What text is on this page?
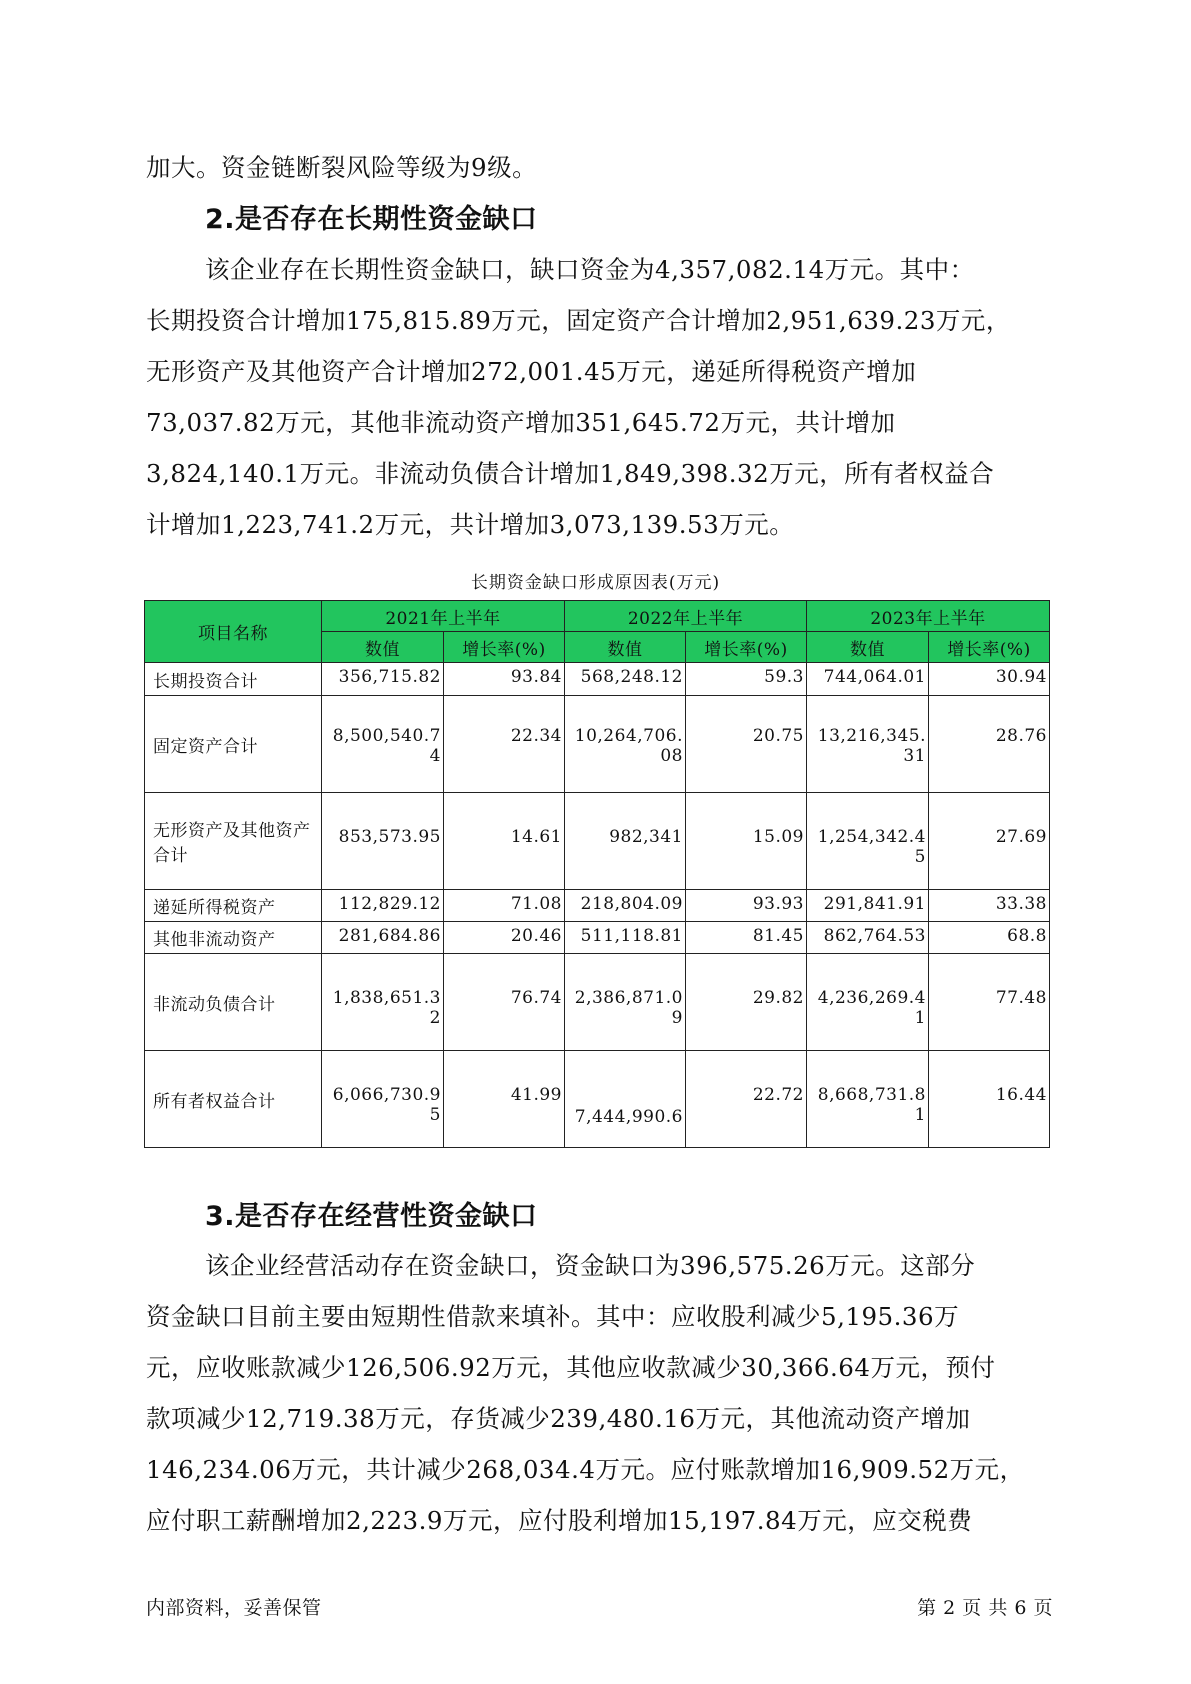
加大。资金链断裂风险等级为9级。

2.是否存在长期性资金缺口

该企业存在长期性资金缺口，缺口资金为4,357,082.14万元。其中：
长期投资合计增加175,815.89万元，固定资产合计增加2,951,639.23万元，
无形资产及其他资产合计增加272,001.45万元，递延所得税资产增加
73,037.82万元，其他非流动资产增加351,645.72万元，共计增加
3,824,140.1万元。非流动负债合计增加1,849,398.32万元，所有者权益合
计增加1,223,741.2万元，共计增加3,073,139.53万元。

长期资金缺口形成原因表(万元)
项目名称	2021年上半年		2022年上半年		2023年上半年	
	数值	增长率(%)	数值	增长率(%)	数值	增长率(%)
长期投资合计	356,715.82	93.84	568,248.12	59.3	744,064.01	30.94
固定资产合计	8,500,540.74	22.34	10,264,706.08	20.75	13,216,345.31	28.76
无形资产及其他资产合计	853,573.95	14.61	982,341	15.09	1,254,342.45	27.69
递延所得税资产	112,829.12	71.08	218,804.09	93.93	291,841.91	33.38
其他非流动资产	281,684.86	20.46	511,118.81	81.45	862,764.53	68.8
非流动负债合计	1,838,651.32	76.74	2,386,871.09	29.82	4,236,269.41	77.48
所有者权益合计	6,066,730.95	41.99	7,444,990.6	22.72	8,668,731.81	16.44
3.是否存在经营性资金缺口

该企业经营活动存在资金缺口，资金缺口为396,575.26万元。这部分
资金缺口目前主要由短期性借款来填补。其中：应收股利减少5,195.36万
元，应收账款减少126,506.92万元，其他应收款减少30,366.64万元，预付
款项减少12,719.38万元，存货减少239,480.16万元，其他流动资产增加
146,234.06万元，共计减少268,034.4万元。应付账款增加16,909.52万元，
应付职工薪酬增加2,223.9万元，应付股利增加15,197.84万元，应交税费

内部资料，妥善保管	第 2 页 共 6 页
